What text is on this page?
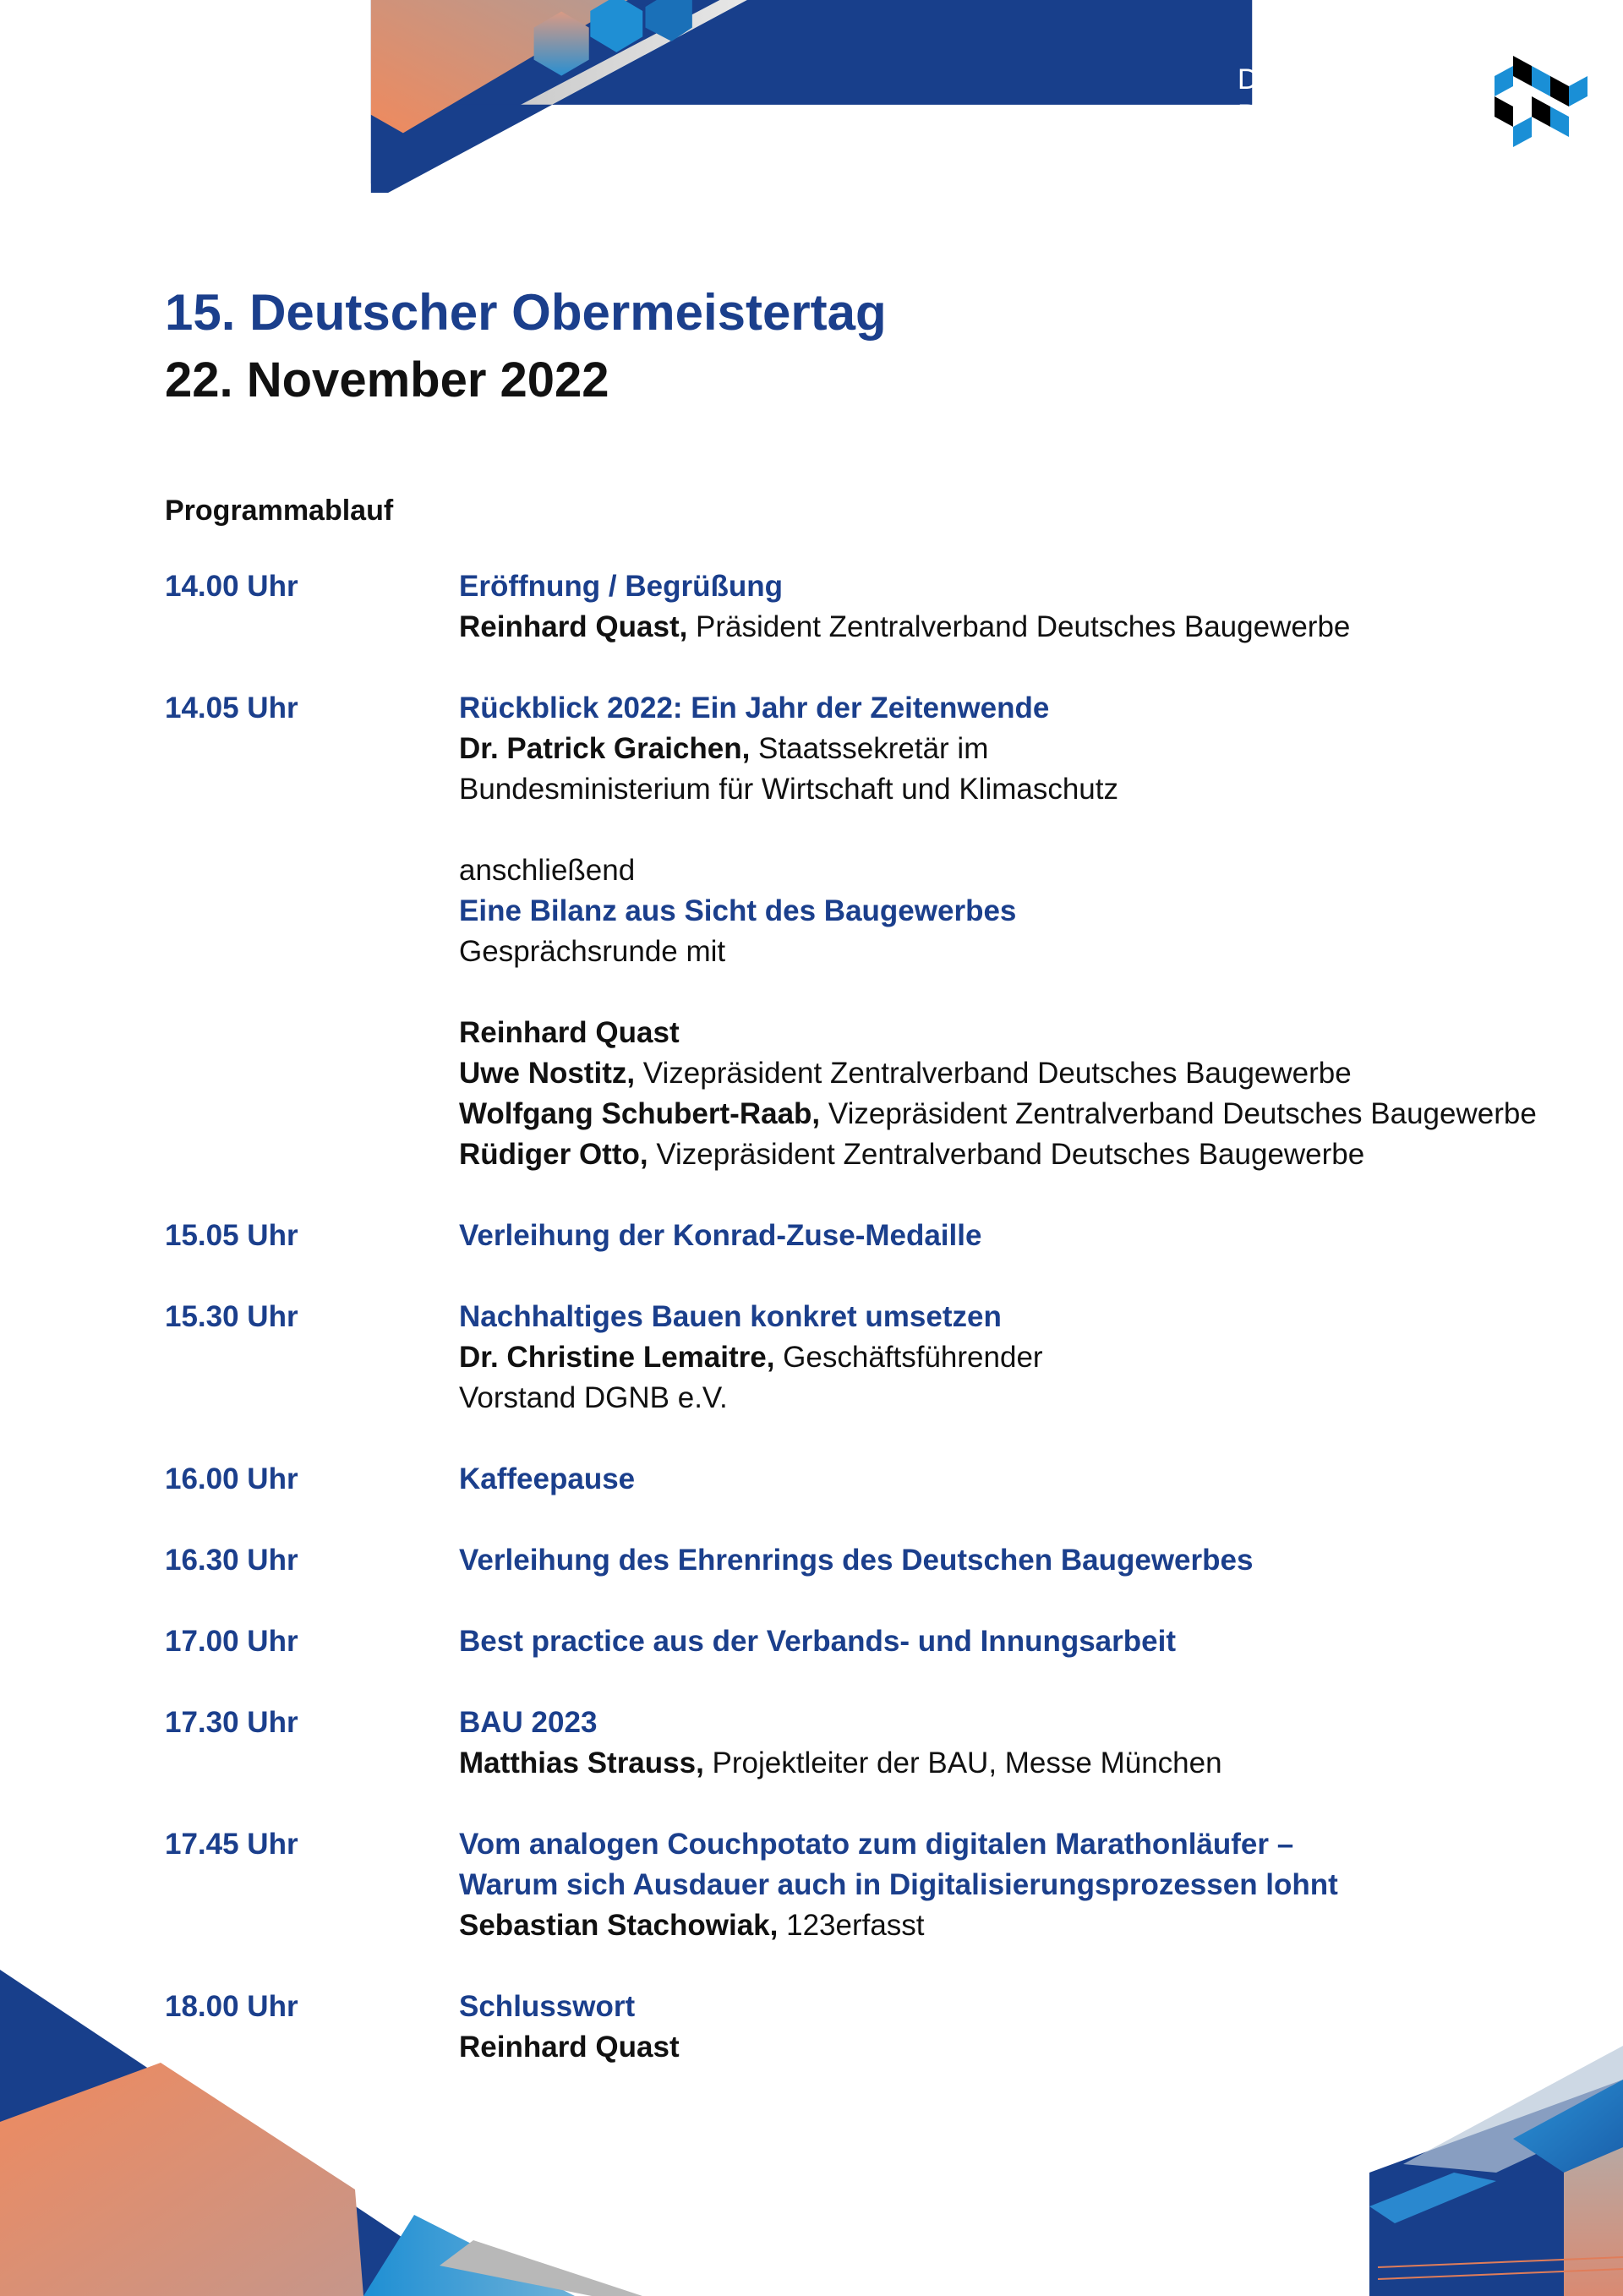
DAS DEUTSCHE
BAUGEWERBE
15. Deutscher Obermeistertag
22. November 2022
Programmablauf
14.00 Uhr	Eröffnung / Begrüßung
Reinhard Quast, Präsident Zentralverband Deutsches Baugewerbe
14.05 Uhr	Rückblick 2022: Ein Jahr der Zeitenwende
Dr. Patrick Graichen, Staatssekretär im
Bundesministerium für Wirtschaft und Klimaschutz
anschließend
Eine Bilanz aus Sicht des Baugewerbes
Gesprächsrunde mit
Reinhard Quast
Uwe Nostitz, Vizepräsident Zentralverband Deutsches Baugewerbe
Wolfgang Schubert-Raab, Vizepräsident Zentralverband Deutsches Baugewerbe
Rüdiger Otto, Vizepräsident Zentralverband Deutsches Baugewerbe
15.05 Uhr	Verleihung der Konrad-Zuse-Medaille
15.30 Uhr	Nachhaltiges Bauen konkret umsetzen
Dr. Christine Lemaitre, Geschäftsführender
Vorstand DGNB e.V.
16.00 Uhr	Kaffeepause
16.30 Uhr	Verleihung des Ehrenrings des Deutschen Baugewerbes
17.00 Uhr	Best practice aus der Verbands- und Innungsarbeit
17.30 Uhr	BAU 2023
Matthias Strauss, Projektleiter der BAU, Messe München
17.45 Uhr	Vom analogen Couchpotato zum digitalen Marathonläufer –
Warum sich Ausdauer auch in Digitalisierungsprozessen lohnt
Sebastian Stachowiak, 123erfasst
18.00 Uhr	Schlusswort
Reinhard Quast
